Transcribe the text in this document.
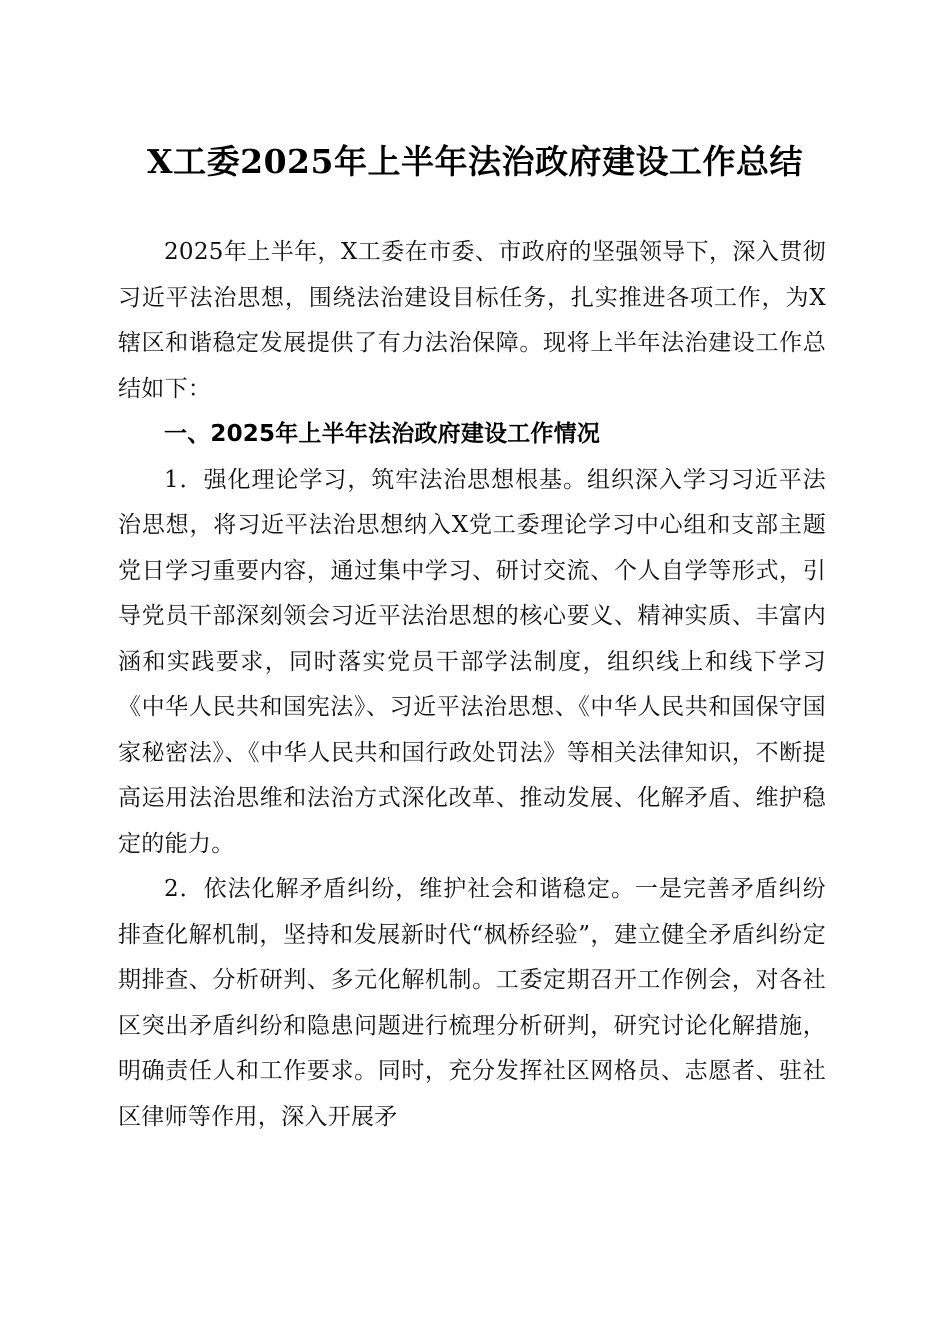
X工委2025年上半年法治政府建设工作总结

2025年上半年，X工委在市委、市政府的坚强领导下，深入贯彻习近平法治思想，围绕法治建设目标任务，扎实推进各项工作，为X辖区和谐稳定发展提供了有力法治保障。现将上半年法治建设工作总结如下：

一、2025年上半年法治政府建设工作情况

1．强化理论学习，筑牢法治思想根基。组织深入学习习近平法治思想，将习近平法治思想纳入X党工委理论学习中心组和支部主题党日学习重要内容，通过集中学习、研讨交流、个人自学等形式，引导党员干部深刻领会习近平法治思想的核心要义、精神实质、丰富内涵和实践要求，同时落实党员干部学法制度，组织线上和线下学习《中华人民共和国宪法》、习近平法治思想、《中华人民共和国保守国家秘密法》、《中华人民共和国行政处罚法》等相关法律知识，不断提高运用法治思维和法治方式深化改革、推动发展、化解矛盾、维护稳定的能力。

2．依法化解矛盾纠纷，维护社会和谐稳定。一是完善矛盾纠纷排查化解机制，坚持和发展新时代“枫桥经验”，建立健全矛盾纠纷定期排查、分析研判、多元化解机制。工委定期召开工作例会，对各社区突出矛盾纠纷和隐患问题进行梳理分析研判，研究讨论化解措施，明确责任人和工作要求。同时，充分发挥社区网格员、志愿者、驻社区律师等作用，深入开展矛
